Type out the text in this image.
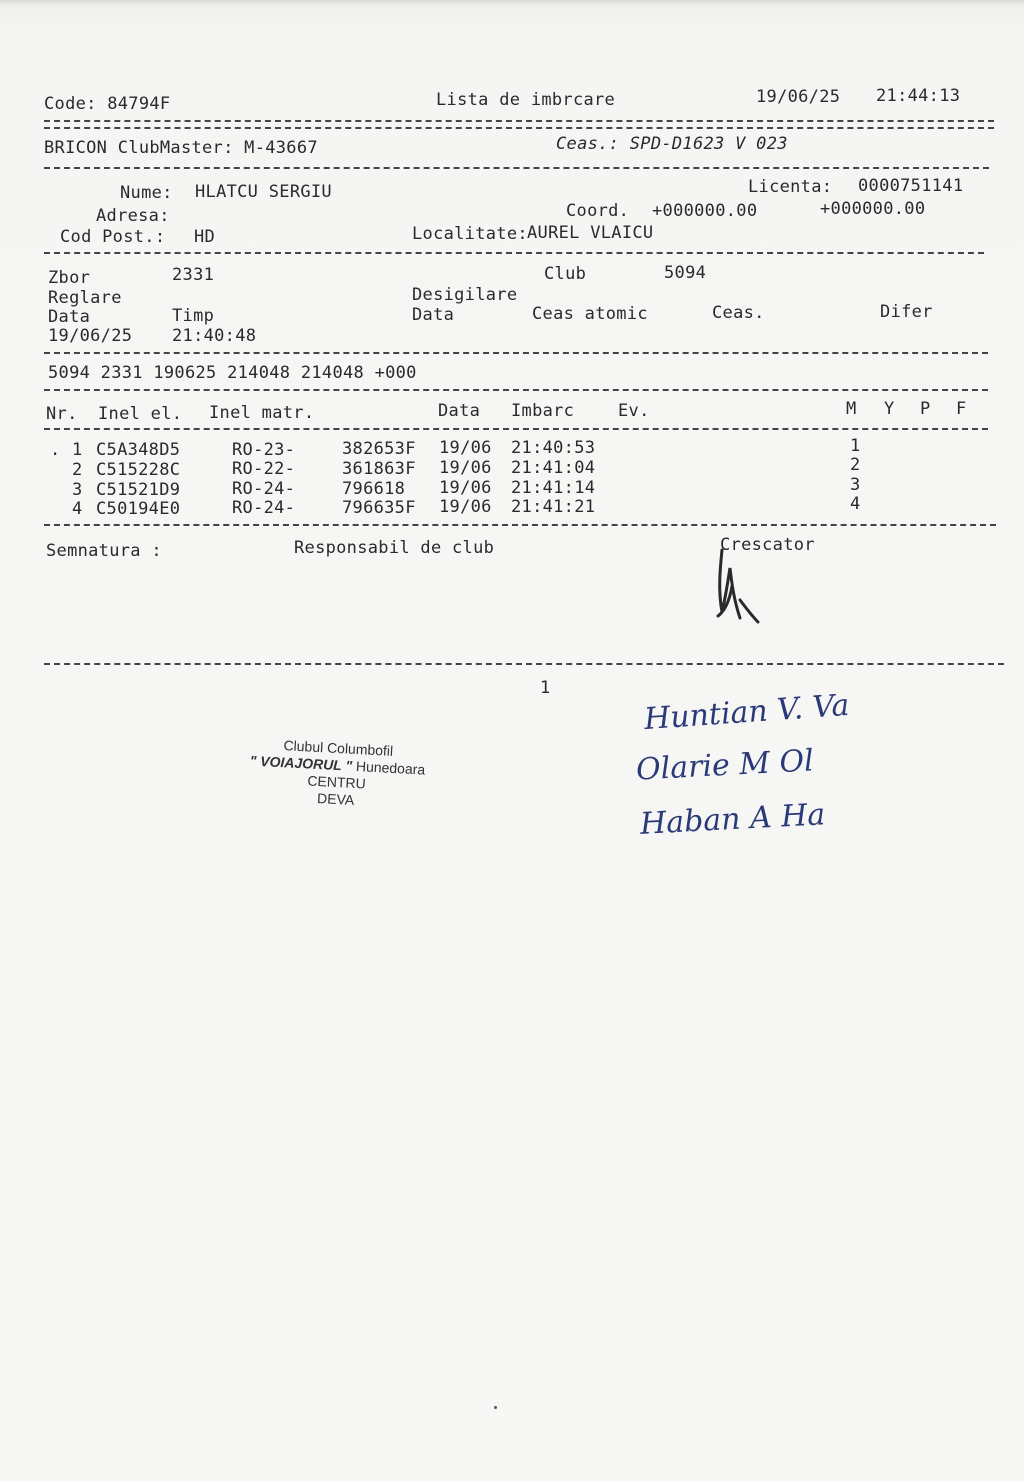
Code: 84794F	Lista de imbrcare	19/06/25 21:44:13
BRICON ClubMaster: M-43667	Ceas.: SPD-D1623 V 023
Nume: HLATCU SERGIU	Licenta: 0000751141
Adresa:	Coord. +000000.00	+000000.00
Cod Post.: HD	Localitate: AUREL VLAICU
Zbor	2331	Club	5094
Reglare	Desigilare
Data	Timp	Data	Ceas atomic	Ceas.	Difer
19/06/25 21:40:48
5094 2331 190625 214048 214048 +000
Nr. Inel el. Inel matr.	Data Imbarc	Ev.	M Y P F
. 1 C5A348D5	RO-23-	382653F 19/06 21:40:53	1
2 C515228C	RO-22-	361863F 19/06 21:41:04	2
3 C51521D9	RO-24-	796618 19/06 21:41:14	3
4 C50194E0	RO-24-	796635F 19/06 21:41:21	4
Semnatura :	Responsabil de club	Crescator
1
Clubul Columbofil
" VOIAJORUL " Hunedoara
CENTRU
DEVA
Huntian V. Va
Olarie M Ol
Haban A Ha
